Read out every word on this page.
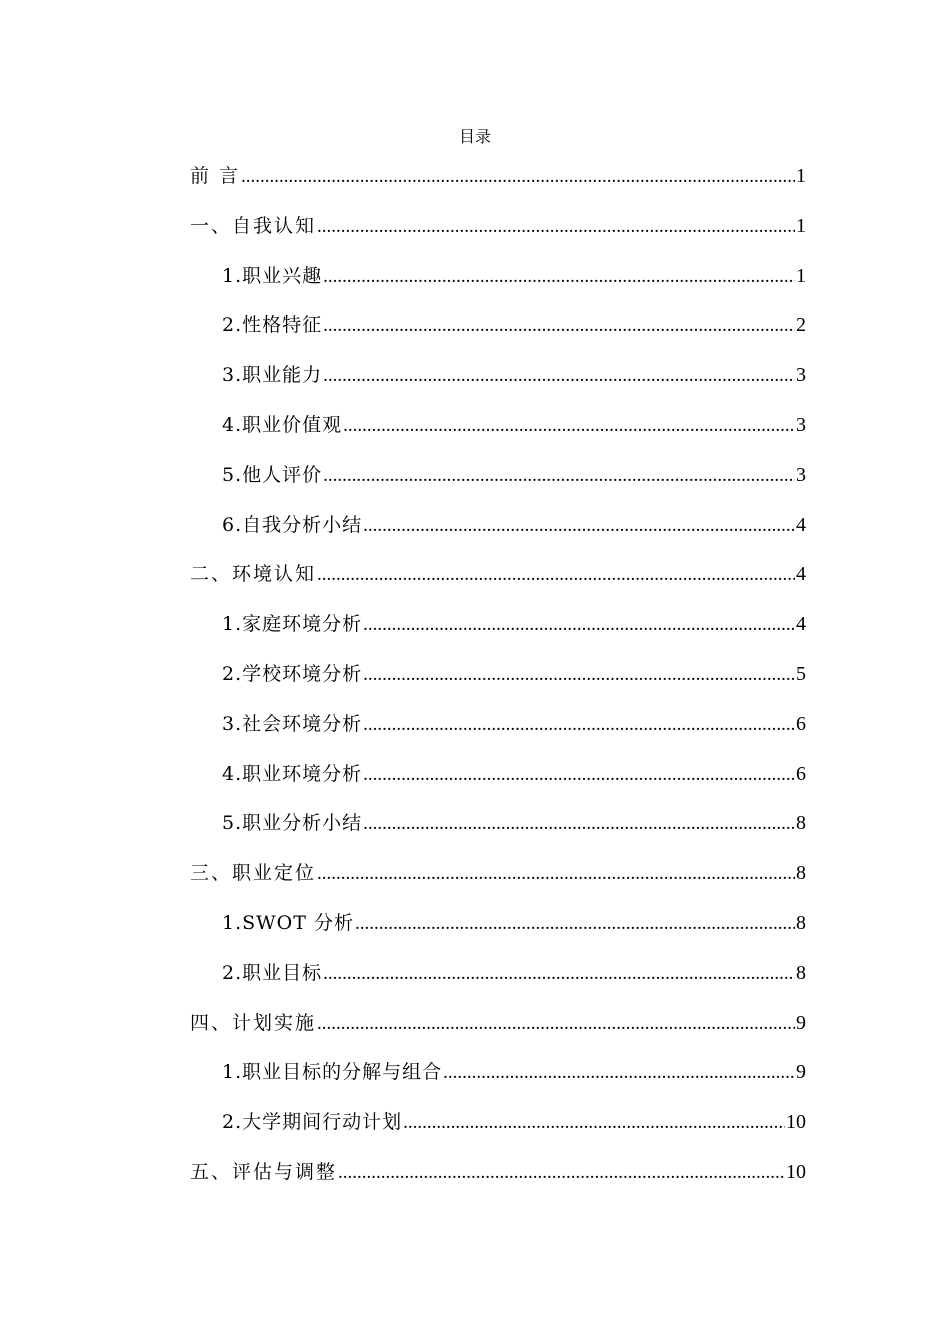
目录
前 言 .....	1
一、自我认知 .....	1
1.职业兴趣 .....	1
2.性格特征 .....	2
3.职业能力 .....	3
4.职业价值观 .....	3
5.他人评价 .....	3
6.自我分析小结 .....	4
二、环境认知 .....	4
1.家庭环境分析 .....	4
2.学校环境分析 .....	5
3.社会环境分析 .....	6
4.职业环境分析 .....	6
5.职业分析小结 .....	8
三、职业定位 .....	8
1.SWOT 分析 .....	8
2.职业目标 .....	8
四、计划实施 .....	9
1.职业目标的分解与组合 .....	9
2.大学期间行动计划 .....	10
五、评估与调整 .....	10
